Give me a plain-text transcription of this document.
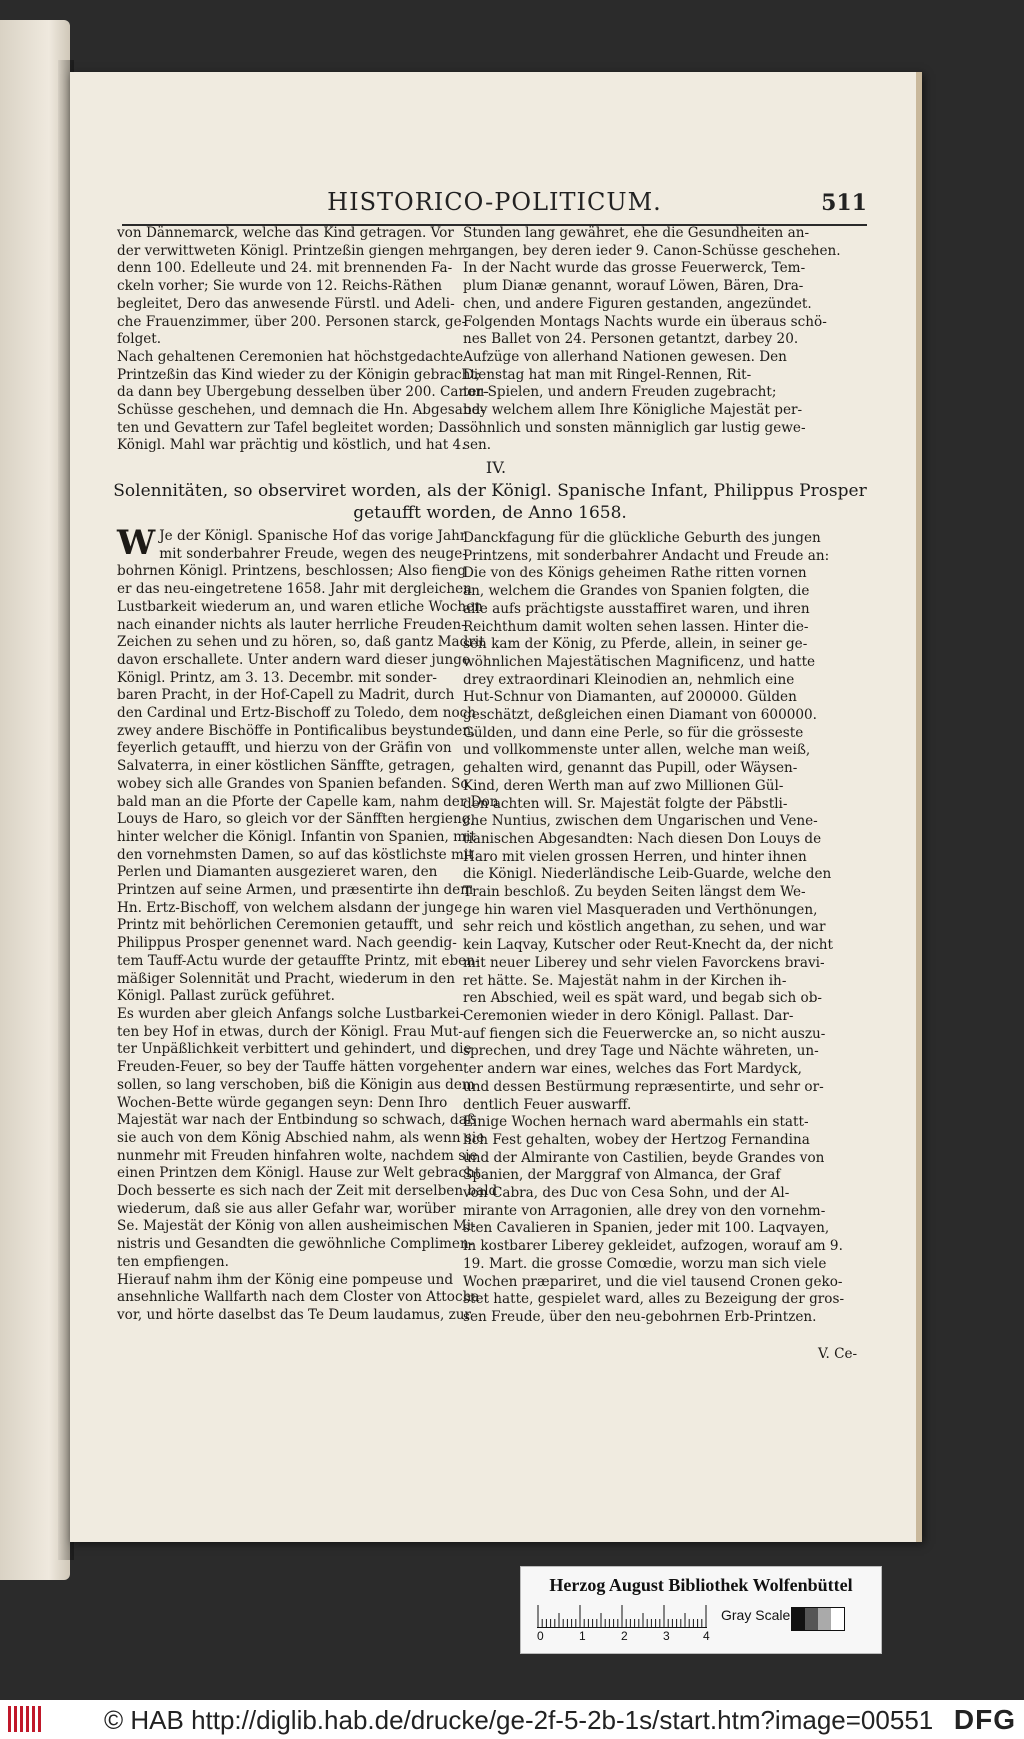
IV.
Solennitäten, so observiret worden, als der Königl. Spanische Infant, Philippus Prosper
getaufft worden, de Anno 1658.
V. Ce-
HISTORICO-POLITICUM.	511
von Dännemarck, welche das Kind getragen. Vor
der verwittweten Königl. Printzeßin giengen mehr
denn 100. Edelleute und 24. mit brennenden Fa-
ckeln vorher; Sie wurde von 12. Reichs-Räthen
begleitet, Dero das anwesende Fürstl. und Adeli-
che Frauenzimmer, über 200. Personen starck, ge-
folget.
Nach gehaltenen Ceremonien hat höchstgedachte
Printzeßin das Kind wieder zu der Königin gebracht;
da dann bey Ubergebung desselben über 200. Canon-
Schüsse geschehen, und demnach die Hn. Abgesand-
ten und Gevattern zur Tafel begleitet worden; Das
Königl. Mahl war prächtig und köstlich, und hat 4.
Stunden lang gewähret, ehe die Gesundheiten an-
gangen, bey deren ieder 9. Canon-Schüsse geschehen.
In der Nacht wurde das grosse Feuerwerck, Tem-
plum Dianæ genannt, worauf Löwen, Bären, Dra-
chen, und andere Figuren gestanden, angezündet.
Folgenden Montags Nachts wurde ein überaus schö-
nes Ballet von 24. Personen getantzt, darbey 20.
Aufzüge von allerhand Nationen gewesen. Den
Dienstag hat man mit Ringel-Rennen, Rit-
ter-Spielen, und andern Freuden zugebracht;
bey welchem allem Ihre Königliche Majestät per-
söhnlich und sonsten männiglich gar lustig gewe-
sen.
W Je der Königl. Spanische Hof das vorige Jahr
mit sonderbahrer Freude, wegen des neuge-
bohrnen Königl. Printzens, beschlossen; Also fieng
er das neu-eingetretene 1658. Jahr mit dergleichen
Lustbarkeit wiederum an, und waren etliche Wochen
nach einander nichts als lauter herrliche Freuden-
Zeichen zu sehen und zu hören, so, daß gantz Madrit
davon erschallete. Unter andern ward dieser junge
Königl. Printz, am 3. 13. Decembr. mit sonder-
baren Pracht, in der Hof-Capell zu Madrit, durch
den Cardinal und Ertz-Bischoff zu Toledo, dem noch
zwey andere Bischöffe in Pontificalibus beystunden,
feyerlich getaufft, und hierzu von der Gräfin von
Salvaterra, in einer köstlichen Sänffte, getragen,
wobey sich alle Grandes von Spanien befanden. So
bald man an die Pforte der Capelle kam, nahm der Don
Louys de Haro, so gleich vor der Sänfften hergieng,
hinter welcher die Königl. Infantin von Spanien, mit
den vornehmsten Damen, so auf das köstlichste mit
Perlen und Diamanten ausgezieret waren, den
Printzen auf seine Armen, und præsentirte ihn dem
Hn. Ertz-Bischoff, von welchem alsdann der junge
Printz mit behörlichen Ceremonien getaufft, und
Philippus Prosper genennet ward. Nach geendig-
tem Tauff-Actu wurde der getauffte Printz, mit eben-
mäßiger Solennität und Pracht, wiederum in den
Königl. Pallast zurück geführet.
Es wurden aber gleich Anfangs solche Lustbarkei-
ten bey Hof in etwas, durch der Königl. Frau Mut-
ter Unpäßlichkeit verbittert und gehindert, und die
Freuden-Feuer, so bey der Tauffe hätten vorgehen
sollen, so lang verschoben, biß die Königin aus dem
Wochen-Bette würde gegangen seyn: Denn Ihro
Majestät war nach der Entbindung so schwach, daß
sie auch von dem König Abschied nahm, als wenn sie
nunmehr mit Freuden hinfahren wolte, nachdem sie
einen Printzen dem Königl. Hause zur Welt gebracht.
Doch besserte es sich nach der Zeit mit derselben bald
wiederum, daß sie aus aller Gefahr war, worüber
Se. Majestät der König von allen ausheimischen Mi-
nistris und Gesandten die gewöhnliche Complimen-
ten empfiengen.
Hierauf nahm ihm der König eine pompeuse und
ansehnliche Wallfarth nach dem Closter von Attocha
vor, und hörte daselbst das Te Deum laudamus, zur
Danckfagung für die glückliche Geburth des jungen
Printzens, mit sonderbahrer Andacht und Freude an:
Die von des Königs geheimen Rathe ritten vornen
an, welchem die Grandes von Spanien folgten, die
alle aufs prächtigste ausstaffiret waren, und ihren
Reichthum damit wolten sehen lassen. Hinter die-
sen kam der König, zu Pferde, allein, in seiner ge-
wöhnlichen Majestätischen Magnificenz, und hatte
drey extraordinari Kleinodien an, nehmlich eine
Hut-Schnur von Diamanten, auf 200000. Gülden
geschätzt, deßgleichen einen Diamant von 600000.
Gülden, und dann eine Perle, so für die grösseste
und vollkommenste unter allen, welche man weiß,
gehalten wird, genannt das Pupill, oder Wäysen-
Kind, deren Werth man auf zwo Millionen Gül-
den achten will. Sr. Majestät folgte der Päbstli-
che Nuntius, zwischen dem Ungarischen und Vene-
tianischen Abgesandten: Nach diesen Don Louys de
Haro mit vielen grossen Herren, und hinter ihnen
die Königl. Niederländische Leib-Guarde, welche den
Train beschloß. Zu beyden Seiten längst dem We-
ge hin waren viel Masqueraden und Verthönungen,
sehr reich und köstlich angethan, zu sehen, und war
kein Laqvay, Kutscher oder Reut-Knecht da, der nicht
mit neuer Liberey und sehr vielen Favorckens bravi-
ret hätte. Se. Majestät nahm in der Kirchen ih-
ren Abschied, weil es spät ward, und begab sich ob-
Ceremonien wieder in dero Königl. Pallast. Dar-
auf fiengen sich die Feuerwercke an, so nicht auszu-
sprechen, und drey Tage und Nächte währeten, un-
ter andern war eines, welches das Fort Mardyck,
und dessen Bestürmung repræsentirte, und sehr or-
dentlich Feuer auswarff.
Einige Wochen hernach ward abermahls ein statt-
lich Fest gehalten, wobey der Hertzog Fernandina
und der Almirante von Castilien, beyde Grandes von
Spanien, der Marggraf von Almanca, der Graf
von Cabra, des Duc von Cesa Sohn, und der Al-
mirante von Arragonien, alle drey von den vornehm-
sten Cavalieren in Spanien, jeder mit 100. Laqvayen,
in kostbarer Liberey gekleidet, aufzogen, worauf am 9.
19. Mart. die grosse Comœdie, worzu man sich viele
Wochen præpariret, und die viel tausend Cronen geko-
stet hatte, gespielet ward, alles zu Bezeigung der gros-
sen Freude, über den neu-gebohrnen Erb-Printzen.
Herzog August Bibliothek Wolfenbüttel
0	1	2	3	4
Gray Scale
© HAB http://diglib.hab.de/drucke/ge-2f-5-2b-1s/start.htm?image=00551 DFG
